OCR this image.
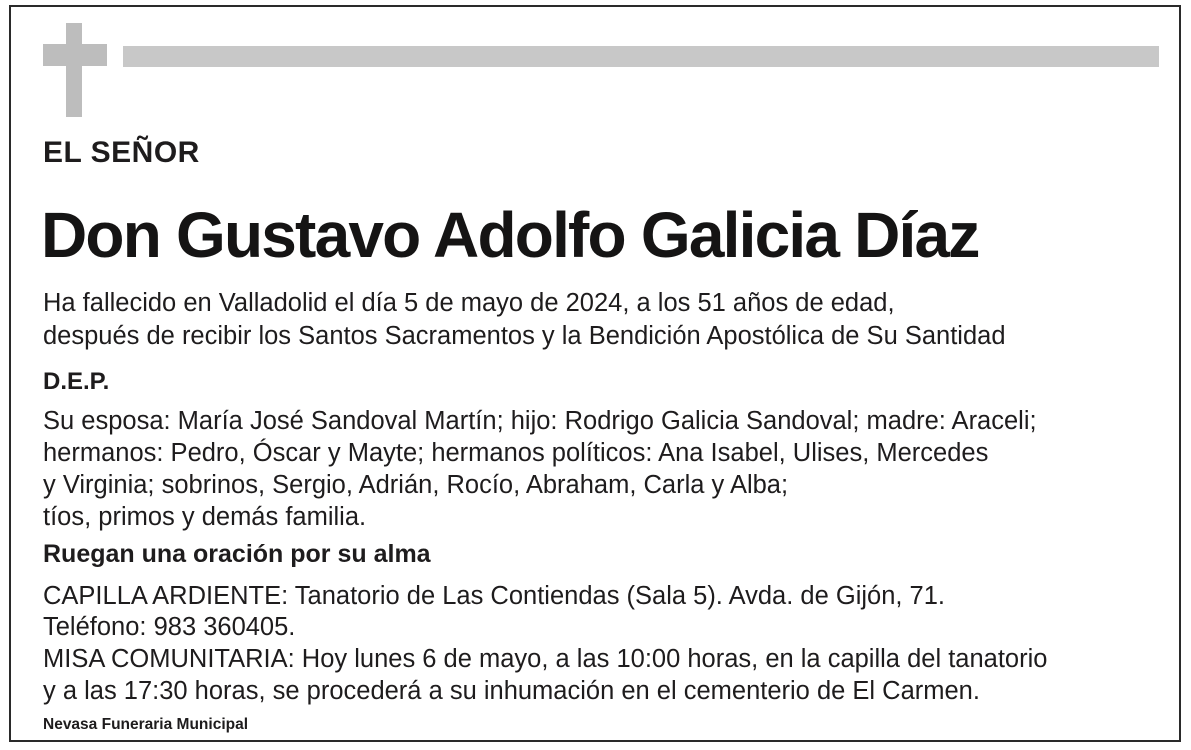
EL SEÑOR
Don Gustavo Adolfo Galicia Díaz
Ha fallecido en Valladolid el día 5 de mayo de 2024, a los 51 años de edad,
después de recibir los Santos Sacramentos y la Bendición Apostólica de Su Santidad
D.E.P.
Su esposa: María José Sandoval Martín; hijo: Rodrigo Galicia Sandoval; madre: Araceli;
hermanos: Pedro, Óscar y Mayte; hermanos políticos: Ana Isabel, Ulises, Mercedes
y Virginia; sobrinos, Sergio, Adrián, Rocío, Abraham, Carla y Alba;
tíos, primos y demás familia.
Ruegan una oración por su alma
CAPILLA ARDIENTE: Tanatorio de Las Contiendas (Sala 5). Avda. de Gijón, 71.
Teléfono: 983 360405.
MISA COMUNITARIA: Hoy lunes 6 de mayo, a las 10:00 horas, en la capilla del tanatorio
y a las 17:30 horas, se procederá a su inhumación en el cementerio de El Carmen.
Nevasa Funeraria Municipal
